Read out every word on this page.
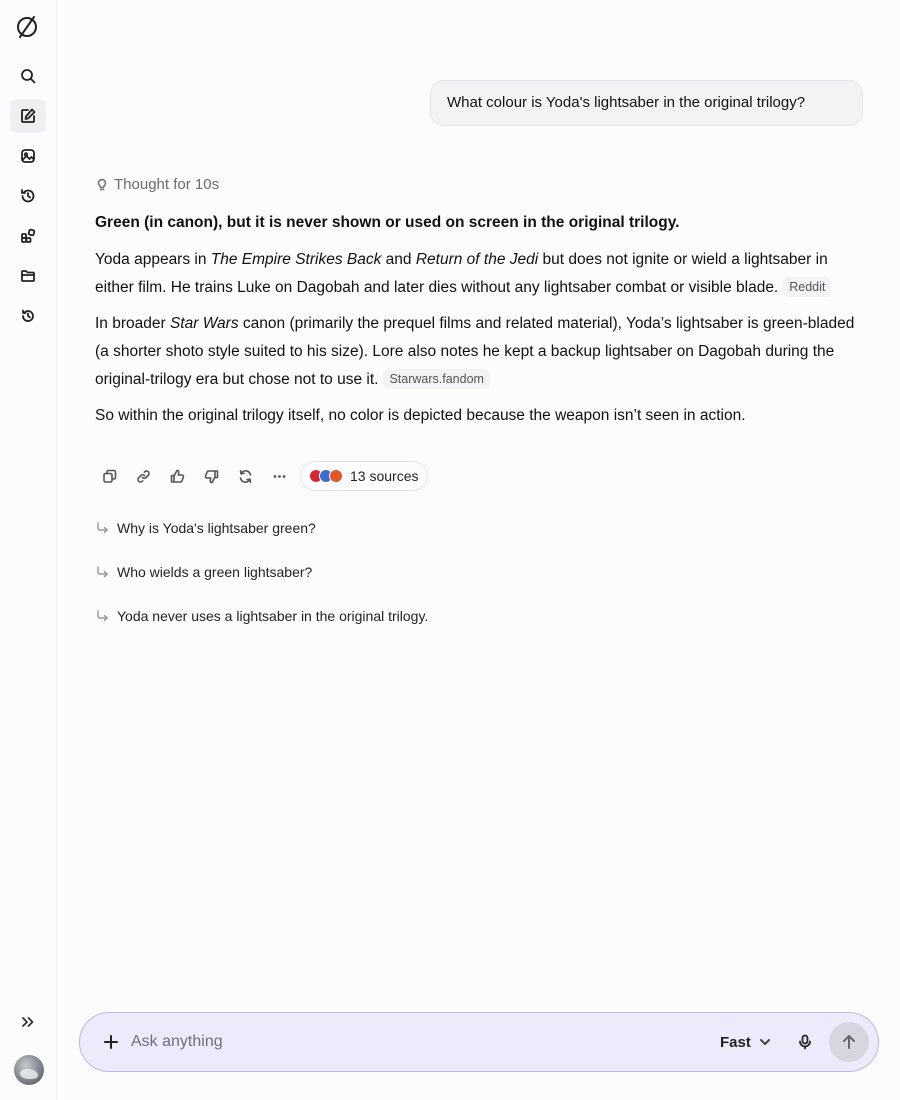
What colour is Yoda's lightsaber in the original trilogy?
Thought for 10s
Green (in canon), but it is never shown or used on screen in the original trilogy.
Yoda appears in The Empire Strikes Back and Return of the Jedi but does not ignite or wield a lightsaber in either film. He trains Luke on Dagobah and later dies without any lightsaber combat or visible blade. Reddit
In broader Star Wars canon (primarily the prequel films and related material), Yoda’s lightsaber is green-bladed (a shorter shoto style suited to his size). Lore also notes he kept a backup lightsaber on Dagobah during the original-trilogy era but chose not to use it. Starwars.fandom
So within the original trilogy itself, no color is depicted because the weapon isn’t seen in action.
13 sources
Why is Yoda's lightsaber green?
Who wields a green lightsaber?
Yoda never uses a lightsaber in the original trilogy.
Ask anything
Fast
